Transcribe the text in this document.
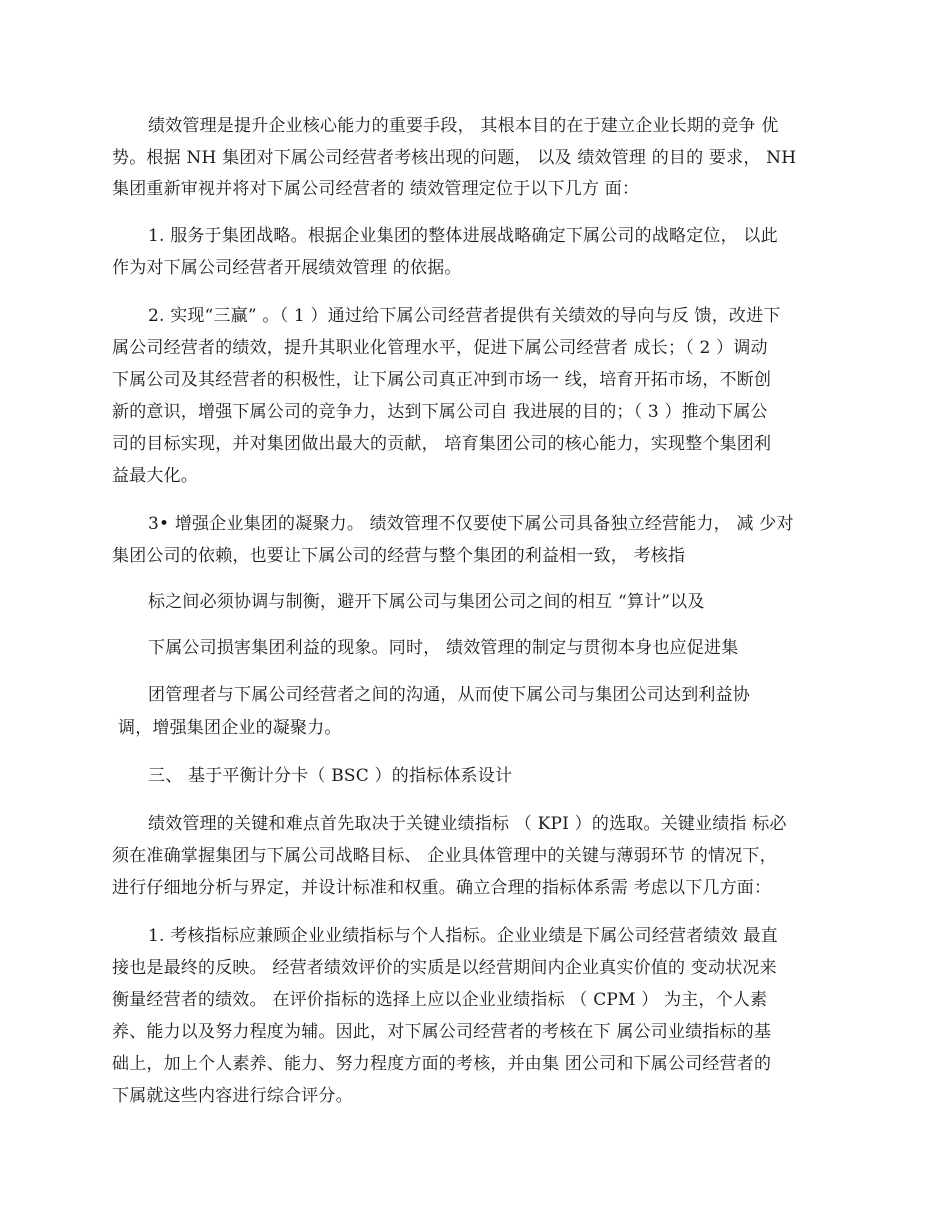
绩效管理是提升企业核心能力的重要手段， 其根本目的在于建立企业长期的竞争 优
势。根据 NH 集团对下属公司经营者考核出现的问题， 以及 绩效管理 的目的 要求， NH
集团重新审视并将对下属公司经营者的 绩效管理定位于以下几方 面：
1. 服务于集团战略。根据企业集团的整体进展战略确定下属公司的战略定位， 以此
作为对下属公司经营者开展绩效管理 的依据。
2. 实现“三赢” 。（ 1 ）通过给下属公司经营者提供有关绩效的导向与反 馈，改进下
属公司经营者的绩效，提升其职业化管理水平，促进下属公司经营者 成长；（ 2 ）调动
下属公司及其经营者的积极性，让下属公司真正冲到市场一 线，培育开拓市场，不断创
新的意识，增强下属公司的竞争力，达到下属公司自 我进展的目的；（ 3 ）推动下属公
司的目标实现，并对集团做出最大的贡献， 培育集团公司的核心能力，实现整个集团利
益最大化。
3• 增强企业集团的凝聚力。 绩效管理不仅要使下属公司具备独立经营能力， 减 少对
集团公司的依赖，也要让下属公司的经营与整个集团的利益相一致， 考核指
标之间必须协调与制衡，避开下属公司与集团公司之间的相互 “算计”以及
下属公司损害集团利益的现象。同时， 绩效管理的制定与贯彻本身也应促进集
团管理者与下属公司经营者之间的沟通，从而使下属公司与集团公司达到利益协
调，增强集团企业的凝聚力。
三、 基于平衡计分卡（ BSC ）的指标体系设计
绩效管理的关键和难点首先取决于关键业绩指标 （ KPI ）的选取。关键业绩指 标必
须在准确掌握集团与下属公司战略目标、 企业具体管理中的关键与薄弱环节 的情况下，
进行仔细地分析与界定，并设计标准和权重。确立合理的指标体系需 考虑以下几方面：
1. 考核指标应兼顾企业业绩指标与个人指标。企业业绩是下属公司经营者绩效 最直
接也是最终的反映。 经营者绩效评价的实质是以经营期间内企业真实价值的 变动状况来
衡量经营者的绩效。 在评价指标的选择上应以企业业绩指标 （ CPM ） 为主，个人素
养、能力以及努力程度为辅。因此，对下属公司经营者的考核在下 属公司业绩指标的基
础上，加上个人素养、能力、努力程度方面的考核，并由集 团公司和下属公司经营者的
下属就这些内容进行综合评分。
